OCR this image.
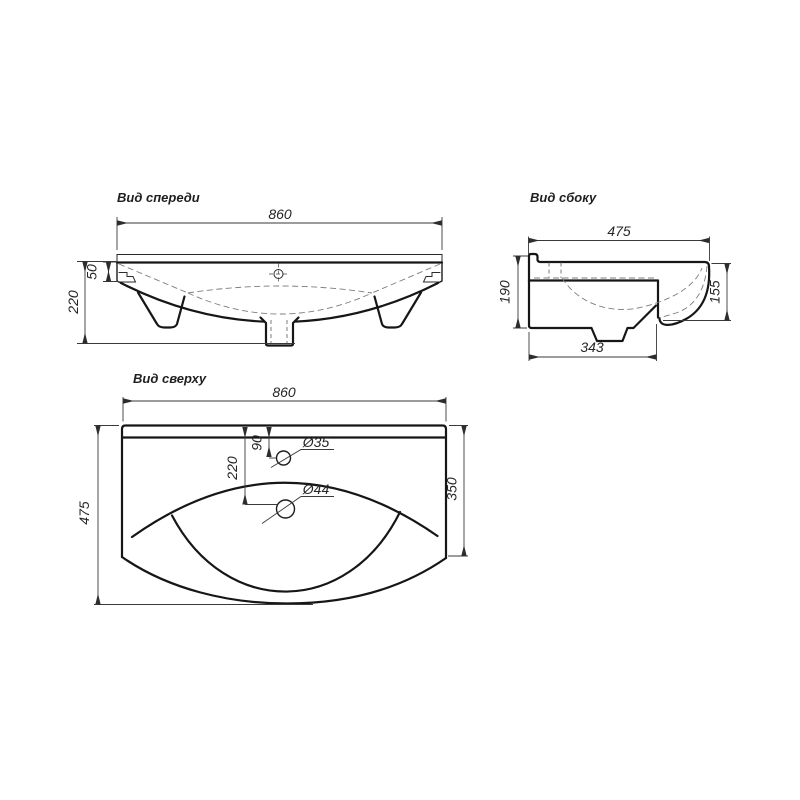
Вид спереди
860
50
220
Вид сбоку
475
190	155
343
Вид сверху
Ø35
Ø44
860
90
220
475
350
